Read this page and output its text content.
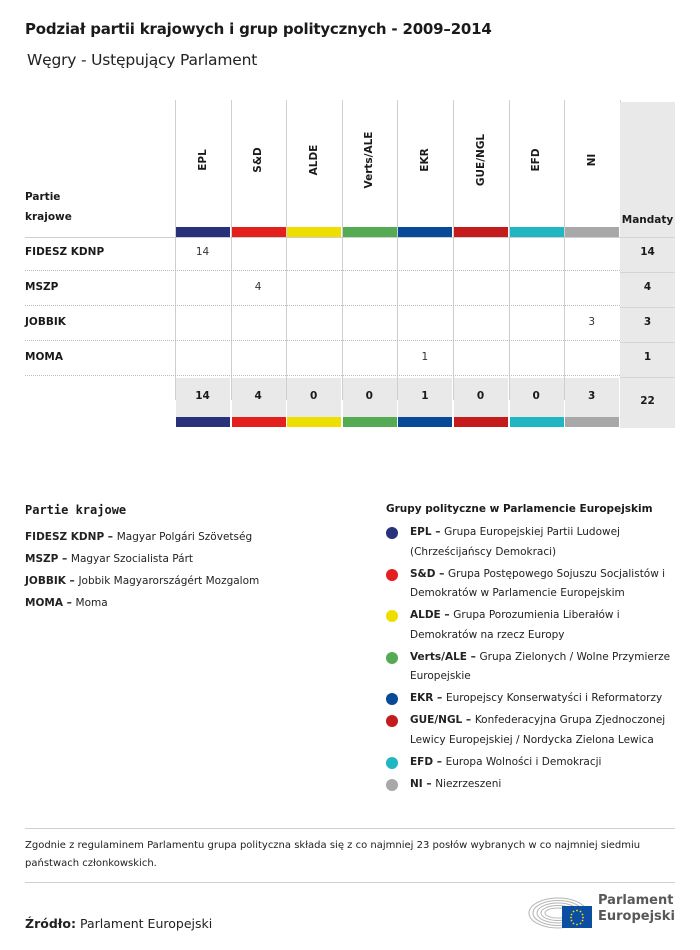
Podział partii krajowych i grup politycznych - 2009–2014
Węgry - Ustępujący Parlament
Partie
krajowe
EPL
14
14
S&D
4
4
ALDE
0
Verts/ALE
0
EKR
1
1
GUE/NGL
0
EFD
0
NI
3
3
Mandaty
14
4
3
1
22
FIDESZ KDNP
MSZP
JOBBIK
MOMA
Partie krajowe
FIDESZ KDNP – Magyar Polgári Szövetség
MSZP – Magyar Szocialista Párt
JOBBIK – Jobbik Magyarországért Mozgalom
MOMA – Moma
Grupy polityczne w Parlamencie Europejskim
EPL – Grupa Europejskiej Partii Ludowej (Chrześcijańscy Demokraci)
S&D – Grupa Postępowego Sojuszu Socjalistów i Demokratów w Parlamencie Europejskim
ALDE – Grupa Porozumienia Liberałów i Demokratów na rzecz Europy
Verts/ALE – Grupa Zielonych / Wolne Przymierze Europejskie
EKR – Europejscy Konserwatyści i Reformatorzy
GUE/NGL – Konfederacyjna Grupa Zjednoczonej Lewicy Europejskiej / Nordycka Zielona Lewica
EFD – Europa Wolności i Demokracji
NI – Niezrzeszeni
Zgodnie z regulaminem Parlamentu grupa polityczna składa się z co najmniej 23 posłów wybranych w co najmniej siedmiu państwach członkowskich.
Źródło: Parlament Europejski
Parlament
Europejski
